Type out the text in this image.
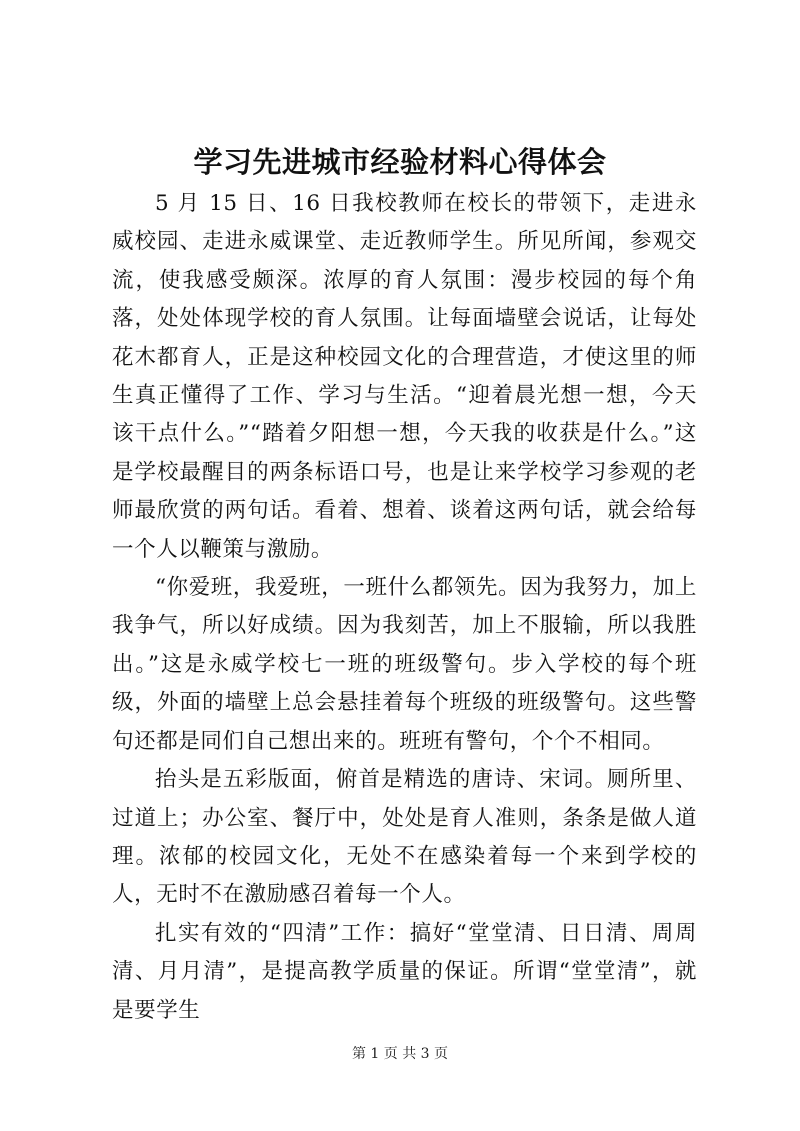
学习先进城市经验材料心得体会

5 月 15 日、16 日我校教师在校长的带领下，走进永威校园、走进永威课堂、走近教师学生。所见所闻，参观交流，使我感受颇深。浓厚的育人氛围：漫步校园的每个角落，处处体现学校的育人氛围。让每面墙壁会说话，让每处花木都育人，正是这种校园文化的合理营造，才使这里的师生真正懂得了工作、学习与生活。“迎着晨光想一想，今天该干点什么。”“踏着夕阳想一想，今天我的收获是什么。”这是学校最醒目的两条标语口号，也是让来学校学习参观的老师最欣赏的两句话。看着、想着、谈着这两句话，就会给每一个人以鞭策与激励。

“你爱班，我爱班，一班什么都领先。因为我努力，加上我争气，所以好成绩。因为我刻苦，加上不服输，所以我胜出。”这是永威学校七一班的班级警句。步入学校的每个班级，外面的墙壁上总会悬挂着每个班级的班级警句。这些警句还都是同们自己想出来的。班班有警句，个个不相同。

抬头是五彩版面，俯首是精选的唐诗、宋词。厕所里、过道上；办公室、餐厅中，处处是育人准则，条条是做人道理。浓郁的校园文化，无处不在感染着每一个来到学校的人，无时不在激励感召着每一个人。

扎实有效的“四清”工作：搞好“堂堂清、日日清、周周清、月月清”，是提高教学质量的保证。所谓“堂堂清”，就是要学生

第 1 页 共 3 页
